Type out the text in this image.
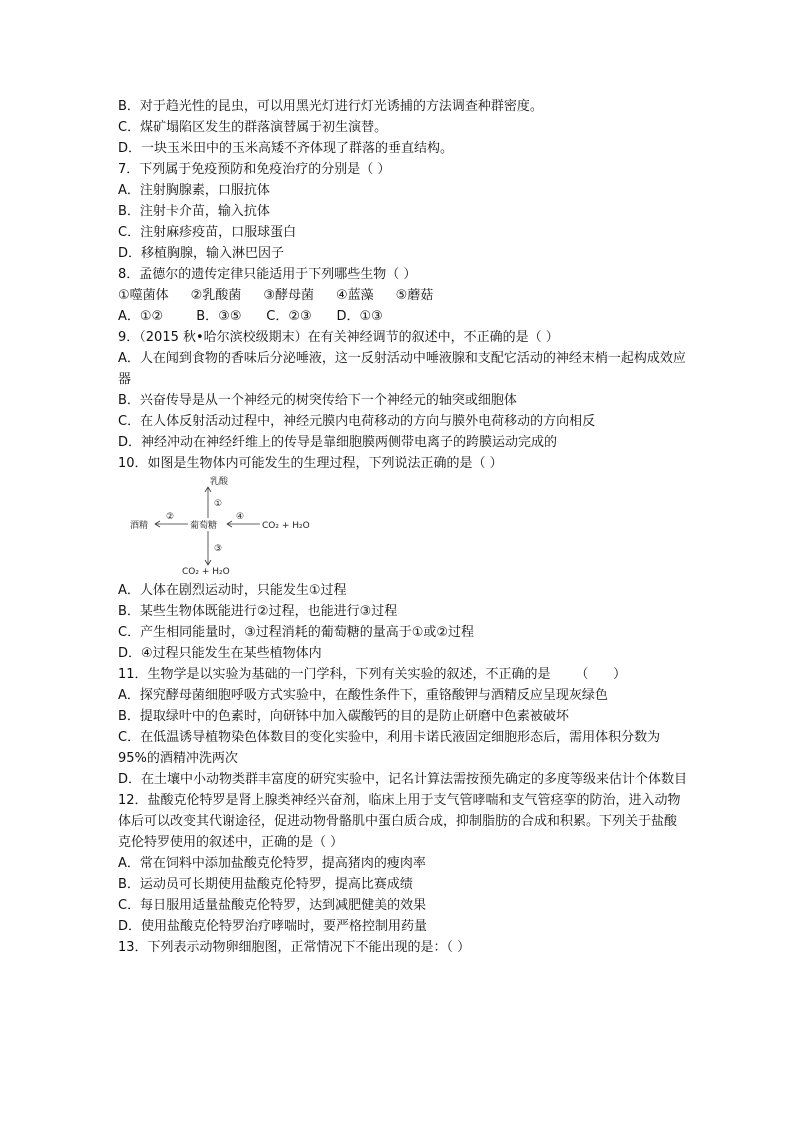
B．对于趋光性的昆虫，可以用黑光灯进行灯光诱捕的方法调查种群密度。
C．煤矿塌陷区发生的群落演替属于初生演替。
D．一块玉米田中的玉米高矮不齐体现了群落的垂直结构。
7．下列属于免疫预防和免疫治疗的分别是（ ）
A．注射胸腺素，口服抗体
B．注射卡介苗，输入抗体
C．注射麻疹疫苗，口服球蛋白
D．移植胸腺，输入淋巴因子
8．孟德尔的遗传定律只能适用于下列哪些生物（ ）
①噬菌体 ②乳酸菌 ③酵母菌 ④蓝藻 ⑤蘑菇
A．①②        B．③⑤      C．②③      D．①③
9．（2015 秋•哈尔滨校级期末）在有关神经调节的叙述中，不正确的是（ ）
A．人在闻到食物的香味后分泌唾液，这一反射活动中唾液腺和支配它活动的神经末梢一起构成效应器
B．兴奋传导是从一个神经元的树突传给下一个神经元的轴突或细胞体
C．在人体反射活动过程中，神经元膜内电荷移动的方向与膜外电荷移动的方向相反
D．神经冲动在神经纤维上的传导是靠细胞膜两侧带电离子的跨膜运动完成的
10．如图是生物体内可能发生的生理过程，下列说法正确的是（ ）
乳酸
酒精	葡萄糖	CO₂ + H₂O
CO₂ + H₂O
①
②
③
④
A．人体在剧烈运动时，只能发生①过程
B．某些生物体既能进行②过程，也能进行③过程
C．产生相同能量时，③过程消耗的葡萄糖的量高于①或②过程
D．④过程只能发生在某些植物体内
11．生物学是以实验为基础的一门学科，下列有关实验的叙述，不正确的是      （      ）
A．探究酵母菌细胞呼吸方式实验中，在酸性条件下，重铬酸钾与酒精反应呈现灰绿色
B．提取绿叶中的色素时，向研钵中加入碳酸钙的目的是防止研磨中色素被破坏
C．在低温诱导植物染色体数目的变化实验中，利用卡诺氏液固定细胞形态后，需用体积分数为95%的酒精冲洗两次
D．在土壤中小动物类群丰富度的研究实验中，记名计算法需按预先确定的多度等级来估计个体数目
12．盐酸克伦特罗是肾上腺类神经兴奋剂，临床上用于支气管哮喘和支气管痉挛的防治，进入动物体后可以改变其代谢途径，促进动物骨骼肌中蛋白质合成，抑制脂肪的合成和积累。下列关于盐酸克伦特罗使用的叙述中，正确的是（ ）
A．常在饲料中添加盐酸克伦特罗，提高猪肉的瘦肉率
B．运动员可长期使用盐酸克伦特罗，提高比赛成绩
C．每日服用适量盐酸克伦特罗，达到减肥健美的效果
D．使用盐酸克伦特罗治疗哮喘时，要严格控制用药量
13．下列表示动物卵细胞图，正常情况下不能出现的是：（ ）
